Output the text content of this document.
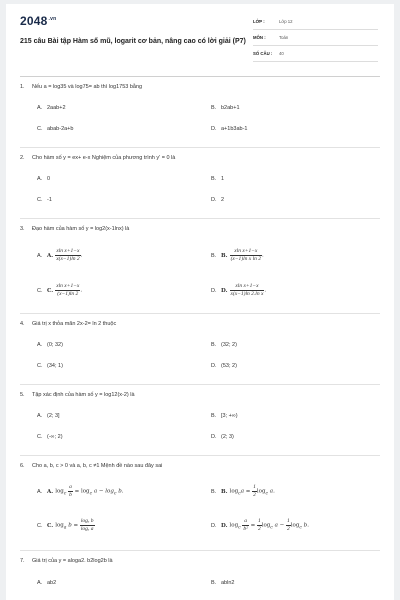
$2048^{.vn}$
215 câu Bài tập Hàm số mũ, logarit cơ bản, nâng cao có lời giải (P7)
LỚP :	Lớp 12
MÔN :	Toán
SỐ CÂU :	40
1. Nếu a = log35 và log75= ab thì log1753 bằng
A. 2aab+2	B. b2ab+1
C. abab-2a+b	D. a+1b3ab-1
2. Cho hàm số y = ex+ e-x Nghiệm của phương trình y' = 0 là
A. 0	B. 1
C. -1	D. 2
3. Đạo hàm của hàm số y = log2(x-1lnx) là
A. A. $\frac{\text{xln x+1−x}}{x(x-1)\ln 2}$ .	B. B. $\frac{\text{xln x+1−x}}{\text{(x−1)ln x ln 2}}$ .
C. C. $\frac{\text{xln x+1−x}}{(x-1)\ln 2}$ .	D. D. $\frac{\text{xln x+1−x}}{\text{x(x−1)ln 2.ln x}}$ .
4. Giá trị x thỏa mãn 2x-2= ln 2 thuộc
A. (0; 32)	B. (32; 2)
C. (34; 1)	D. (53; 2)
5. Tập xác định của hàm số y = log12(x-2) là
A. (2; 3]	B. [3; +∞)
C. (-∞; 2)	D. (2; 3)
6. Cho a, b, c > 0 và a, b, c ≠1 Mệnh đề nào sau đây sai
A. A. $\log_c \frac{a}{b} = \log_c a - \log_c b$.	B. B. $\log_ca = \frac{1}{2} \log_c a$.
C. C. $\log_a b = \frac{\text{logₑ b}}{\text{logₑ a}}$	D. D. $\log_c \frac{a}{\text{b²}} = \frac{1}{2} \log_c a - \frac{1}{2} \log_c b$.
7. Giá trị của y = aloga2. b2log2b là
A. ab2	B. abln2
